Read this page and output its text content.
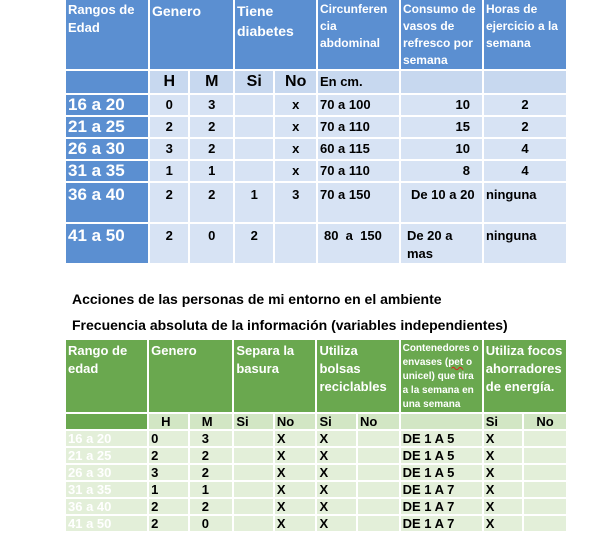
Rangos de Edad	Genero		Tiene diabetes		Circunferen
cia
abdominal	Consumo de vasos de refresco por semana	Horas de ejercicio a la semana
	H	M	Si	No	En cm.		
16 a 20	0	3		x	70 a 100	10	2
21 a 25	2	2		x	70 a 110	15	2
26 a 30	3	2		x	60 a 115	10	4
31 a 35	1	1		x	70 a 110	8	4
36 a 40	2	2	1	3	70 a 150	De 10 a 20	ninguna
41 a 50	2	0	2		80  a  150	De 20 a mas	ninguna
Acciones de las personas de mi entorno en el ambiente
Frecuencia absoluta de la información (variables independientes)
Rango de edad	Genero		Separa la basura		Utiliza bolsas reciclables		Contenedores o envases (pet o unicel) que tira a la semana en una semana	Utiliza focos ahorradores de energía.	
	H	M	Si	No	Si	No		Si	No
16 a 20	0	3		X	X		DE 1 A 5	X	
21 a 25	2	2		X	X		DE 1 A 5	X	
26 a 30	3	2		X	X		DE 1 A 5	X	
31 a 35	1	1		X	X		DE 1 A 7	X	
36 a 40	2	2		X	X		DE 1 A 7	X	
41 a 50	2	0		X	X		DE 1 A 7	X	
